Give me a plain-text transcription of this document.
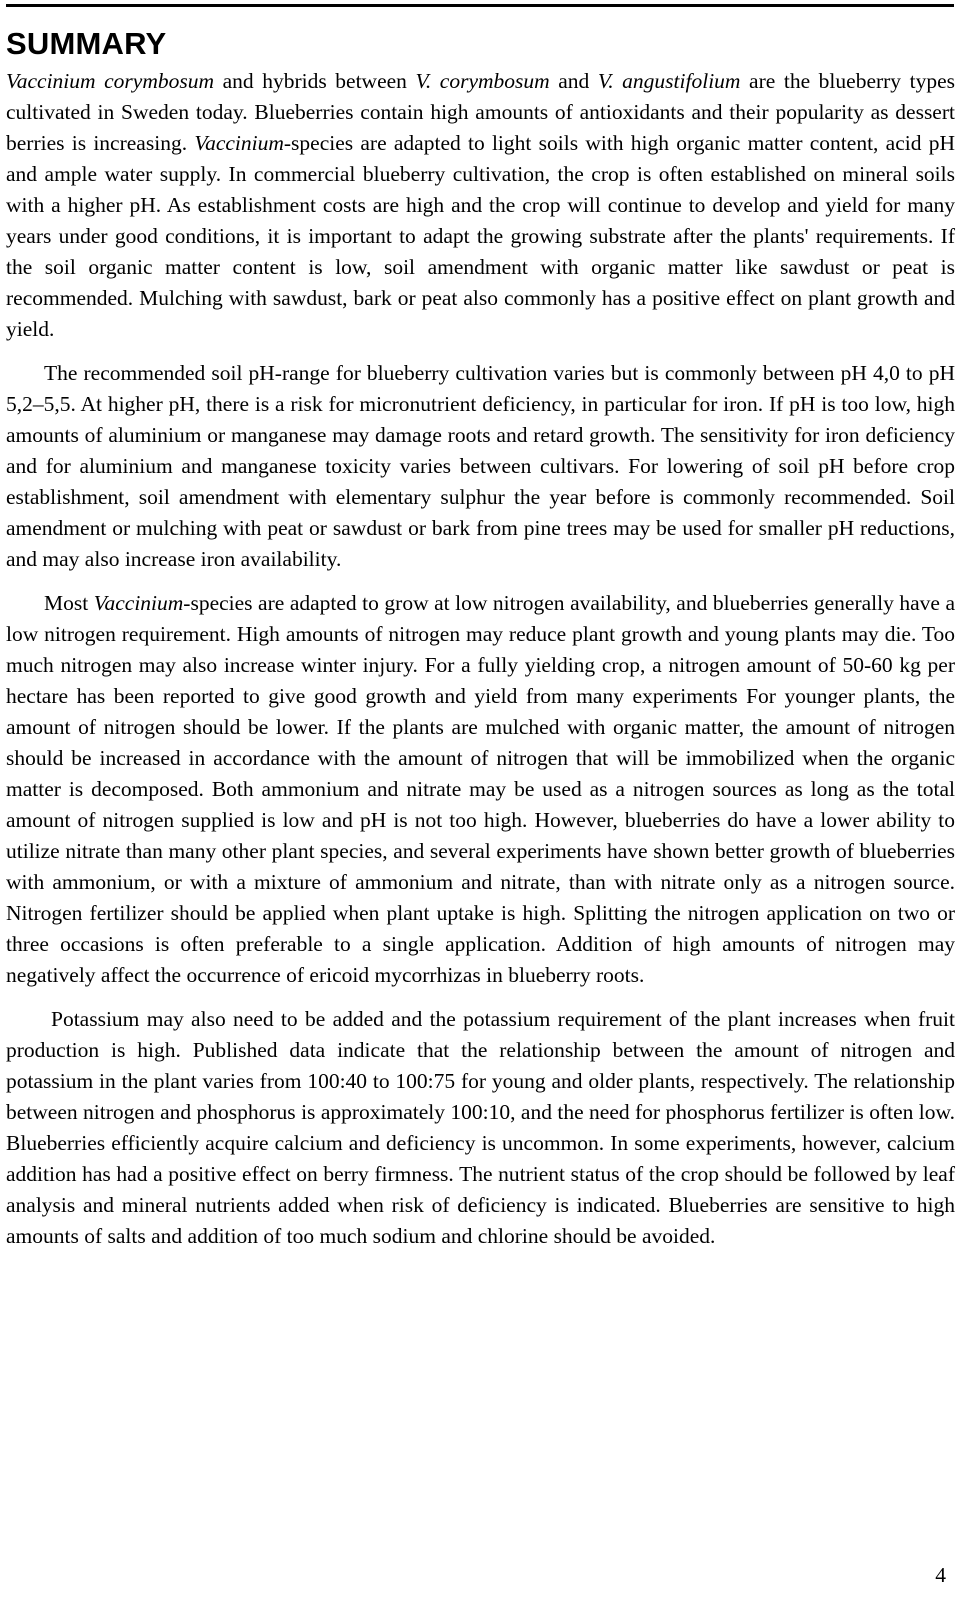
SUMMARY

Vaccinium corymbosum and hybrids between V. corymbosum and V. angustifolium are the blueberry types cultivated in Sweden today. Blueberries contain high amounts of antioxidants and their popularity as dessert berries is increasing. Vaccinium-species are adapted to light soils with high organic matter content, acid pH and ample water supply. In commercial blueberry cultivation, the crop is often established on mineral soils with a higher pH. As establishment costs are high and the crop will continue to develop and yield for many years under good conditions, it is important to adapt the growing substrate after the plants' requirements. If the soil organic matter content is low, soil amendment with organic matter like sawdust or peat is recommended. Mulching with sawdust, bark or peat also commonly has a positive effect on plant growth and yield.

The recommended soil pH-range for blueberry cultivation varies but is commonly between pH 4,0 to pH 5,2–5,5. At higher pH, there is a risk for micronutrient deficiency, in particular for iron. If pH is too low, high amounts of aluminium or manganese may damage roots and retard growth. The sensitivity for iron deficiency and for aluminium and manganese toxicity varies between cultivars. For lowering of soil pH before crop establishment, soil amendment with elementary sulphur the year before is commonly recommended. Soil amendment or mulching with peat or sawdust or bark from pine trees may be used for smaller pH reductions, and may also increase iron availability.

Most Vaccinium-species are adapted to grow at low nitrogen availability, and blueberries generally have a low nitrogen requirement. High amounts of nitrogen may reduce plant growth and young plants may die. Too much nitrogen may also increase winter injury. For a fully yielding crop, a nitrogen amount of 50-60 kg per hectare has been reported to give good growth and yield from many experiments For younger plants, the amount of nitrogen should be lower. If the plants are mulched with organic matter, the amount of nitrogen should be increased in accordance with the amount of nitrogen that will be immobilized when the organic matter is decomposed. Both ammonium and nitrate may be used as a nitrogen sources as long as the total amount of nitrogen supplied is low and pH is not too high. However, blueberries do have a lower ability to utilize nitrate than many other plant species, and several experiments have shown better growth of blueberries with ammonium, or with a mixture of ammonium and nitrate, than with nitrate only as a nitrogen source. Nitrogen fertilizer should be applied when plant uptake is high. Splitting the nitrogen application on two or three occasions is often preferable to a single application. Addition of high amounts of nitrogen may negatively affect the occurrence of ericoid mycorrhizas in blueberry roots.

Potassium may also need to be added and the potassium requirement of the plant increases when fruit production is high. Published data indicate that the relationship between the amount of nitrogen and potassium in the plant varies from 100:40 to 100:75 for young and older plants, respectively. The relationship between nitrogen and phosphorus is approximately 100:10, and the need for phosphorus fertilizer is often low. Blueberries efficiently acquire calcium and deficiency is uncommon. In some experiments, however, calcium addition has had a positive effect on berry firmness. The nutrient status of the crop should be followed by leaf analysis and mineral nutrients added when risk of deficiency is indicated. Blueberries are sensitive to high amounts of salts and addition of too much sodium and chlorine should be avoided.

4
